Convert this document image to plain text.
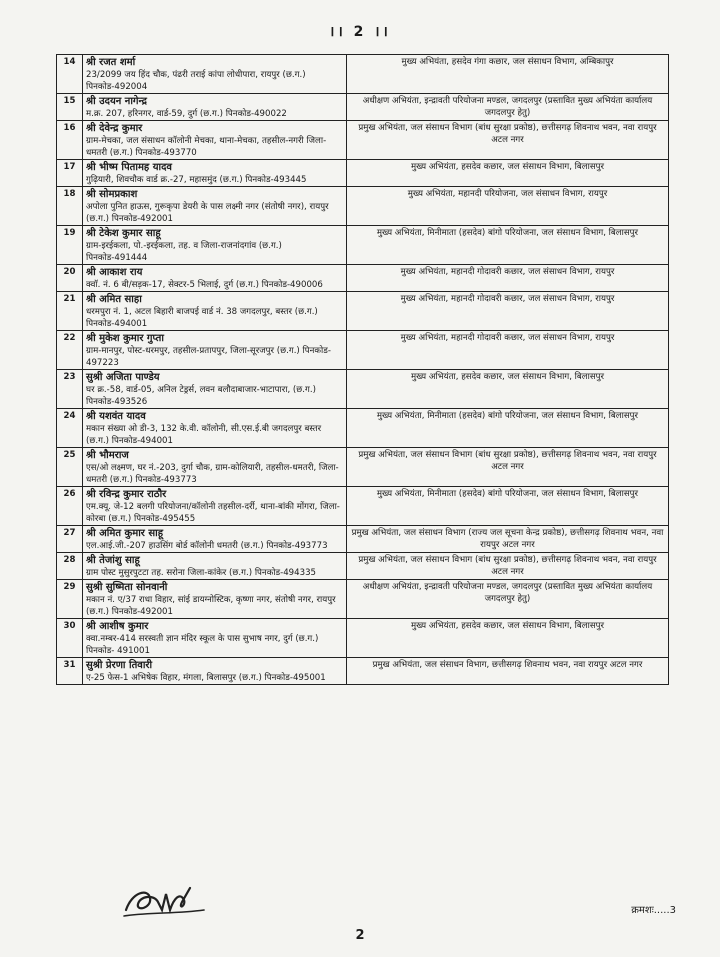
।। 2 ।।
14	श्री रजत शर्मा
23/2099 जय हिंद चौक, पंढरी तराई कांपा लोधीपारा, रायपुर (छ.ग.) पिनकोड-492004	मुख्य अभियंता, हसदेव गंगा कछार, जल संसाधन विभाग, अम्बिकापुर
15	श्री उदयन नागेन्द्र
म.क्र. 207, हरिनगर, वार्ड-59, दुर्ग (छ.ग.) पिनकोड-490022	अधीक्षण अभियंता, इन्द्रावती परियोजना मण्डल, जगदलपुर (प्रस्तावित मुख्य अभियंता कार्यालय जगदलपुर हेतु)
16	श्री देवेन्द्र कुमार
ग्राम-मेचका, जल संसाधन कॉलोनी मेचका, थाना-मेचका, तहसील-नगरी जिला-धमतरी (छ.ग.) पिनकोड-493770	प्रमुख अभियंता, जल संसाधन विभाग (बांध सुरक्षा प्रकोष्ठ), छत्तीसगढ़ शिवनाथ भवन, नवा रायपुर अटल नगर
17	श्री भीष्म पितामह यादव
गुढ़ियारी, शिवचौक वार्ड क्र.-27, महासमुंद (छ.ग.) पिनकोड-493445	मुख्य अभियंता, हसदेव कछार, जल संसाधन विभाग, बिलासपुर
18	श्री सोमप्रकाश
अपोला पुनित हाऊस, गुरूकृपा डेयरी के पास लक्ष्मी नगर (संतोषी नगर), रायपुर (छ.ग.) पिनकोड-492001	मुख्य अभियंता, महानदी परियोजना, जल संसाधन विभाग, रायपुर
19	श्री टेकेश कुमार साहू
ग्राम-इरईकला, पो.-इरईकला, तह. व जिला-राजनांदगांव (छ.ग.) पिनकोड-491444	मुख्य अभियंता, मिनीमाता (हसदेव) बांगो परियोजना, जल संसाधन विभाग, बिलासपुर
20	श्री आकाश राय
क्वॉ. नं. 6 बी/सड़क-17, सेक्टर-5 भिलाई, दुर्ग (छ.ग.) पिनकोड-490006	मुख्य अभियंता, महानदी गोदावरी कछार, जल संसाधन विभाग, रायपुर
21	श्री अमित साहा
धरमपुरा नं. 1, अटल बिहारी बाजपई वार्ड नं. 38 जगदलपुर, बस्तर (छ.ग.) पिनकोड-494001	मुख्य अभियंता, महानदी गोदावरी कछार, जल संसाधन विभाग, रायपुर
22	श्री मुकेश कुमार गुप्ता
ग्राम-मानपुर, पोस्ट-धरमपुर, तहसील-प्रतापपुर, जिला-सूरजपुर (छ.ग.) पिनकोड- 497223	मुख्य अभियंता, महानदी गोदावरी कछार, जल संसाधन विभाग, रायपुर
23	सुश्री अजिता पाण्डेय
घर क्र.-58, वार्ड-05, अनिल टेड्रर्स, लवन बलौदाबाजार-भाटापारा, (छ.ग.) पिनकोड-493526	मुख्य अभियंता, हसदेव कछार, जल संसाधन विभाग, बिलासपुर
24	श्री यशवंत यादव
मकान संख्या ओ डी-3, 132 के.वी. कॉलोनी, सी.एस.ई.बी जगदलपुर बस्तर (छ.ग.) पिनकोड-494001	मुख्य अभियंता, मिनीमाता (हसदेव) बांगो परियोजना, जल संसाधन विभाग, बिलासपुर
25	श्री भौमराज
एस/ओ लक्ष्मण, घर नं.-203, दुर्गा चौक, ग्राम-कोलियारी, तहसील-धमतरी, जिला-धमतरी (छ.ग.) पिनकोड-493773	प्रमुख अभियंता, जल संसाधन विभाग (बांध सुरक्षा प्रकोष्ठ), छत्तीसगढ़ शिवनाथ भवन, नवा रायपुर अटल नगर
26	श्री रविन्द्र कुमार राठौर
एम.क्यू. जे-12 बलगी परियोजना/कॉलोनी तहसील-दर्री, थाना-बांकी मोंगरा, जिला-कोरबा (छ.ग.) पिनकोड-495455	मुख्य अभियंता, मिनीमाता (हसदेव) बांगो परियोजना, जल संसाधन विभाग, बिलासपुर
27	श्री अमित कुमार साहू
एल.आई.जी.-207 हाउसिंग बोर्ड कॉलोनी धमतरी (छ.ग.) पिनकोड-493773	प्रमुख अभियंता, जल संसाधन विभाग (राज्य जल सूचना केन्द्र प्रकोष्ठ), छत्तीसगढ़ शिवनाथ भवन, नवा रायपुर अटल नगर
28	श्री तेजांशु साहू
ग्राम पोस्ट मुसुरपुटटा तह. सरोना जिला-कांकेर (छ.ग.) पिनकोड-494335	प्रमुख अभियंता, जल संसाधन विभाग (बांध सुरक्षा प्रकोष्ठ), छत्तीसगढ़ शिवनाथ भवन, नवा रायपुर अटल नगर
29	सुश्री सुष्मिता सोनवानी
मकान नं. ए/37 राधा विहार, सांई डायग्नोस्टिक, कृष्णा नगर, संतोषी नगर, रायपुर (छ.ग.) पिनकोड-492001	अधीक्षण अभियंता, इन्द्रावती परियोजना मण्डल, जगदलपुर (प्रस्तावित मुख्य अभियंता कार्यालय जगदलपुर हेतु)
30	श्री आशीष कुमार
क्वा.नम्बर-414 सरस्वती ज्ञान मंदिर स्कूल के पास सुभाष नगर, दुर्ग (छ.ग.) पिनकोड- 491001	मुख्य अभियंता, हसदेव कछार, जल संसाधन विभाग, बिलासपुर
31	सुश्री प्रेरणा तिवारी
ए-25 फेस-1 अभिषेक विहार, मंगला, बिलासपुर (छ.ग.) पिनकोड-495001	प्रमुख अभियंता, जल संसाधन विभाग, छत्तीसगढ़ शिवनाथ भवन, नवा रायपुर अटल नगर
क्रमशः.....3
2
